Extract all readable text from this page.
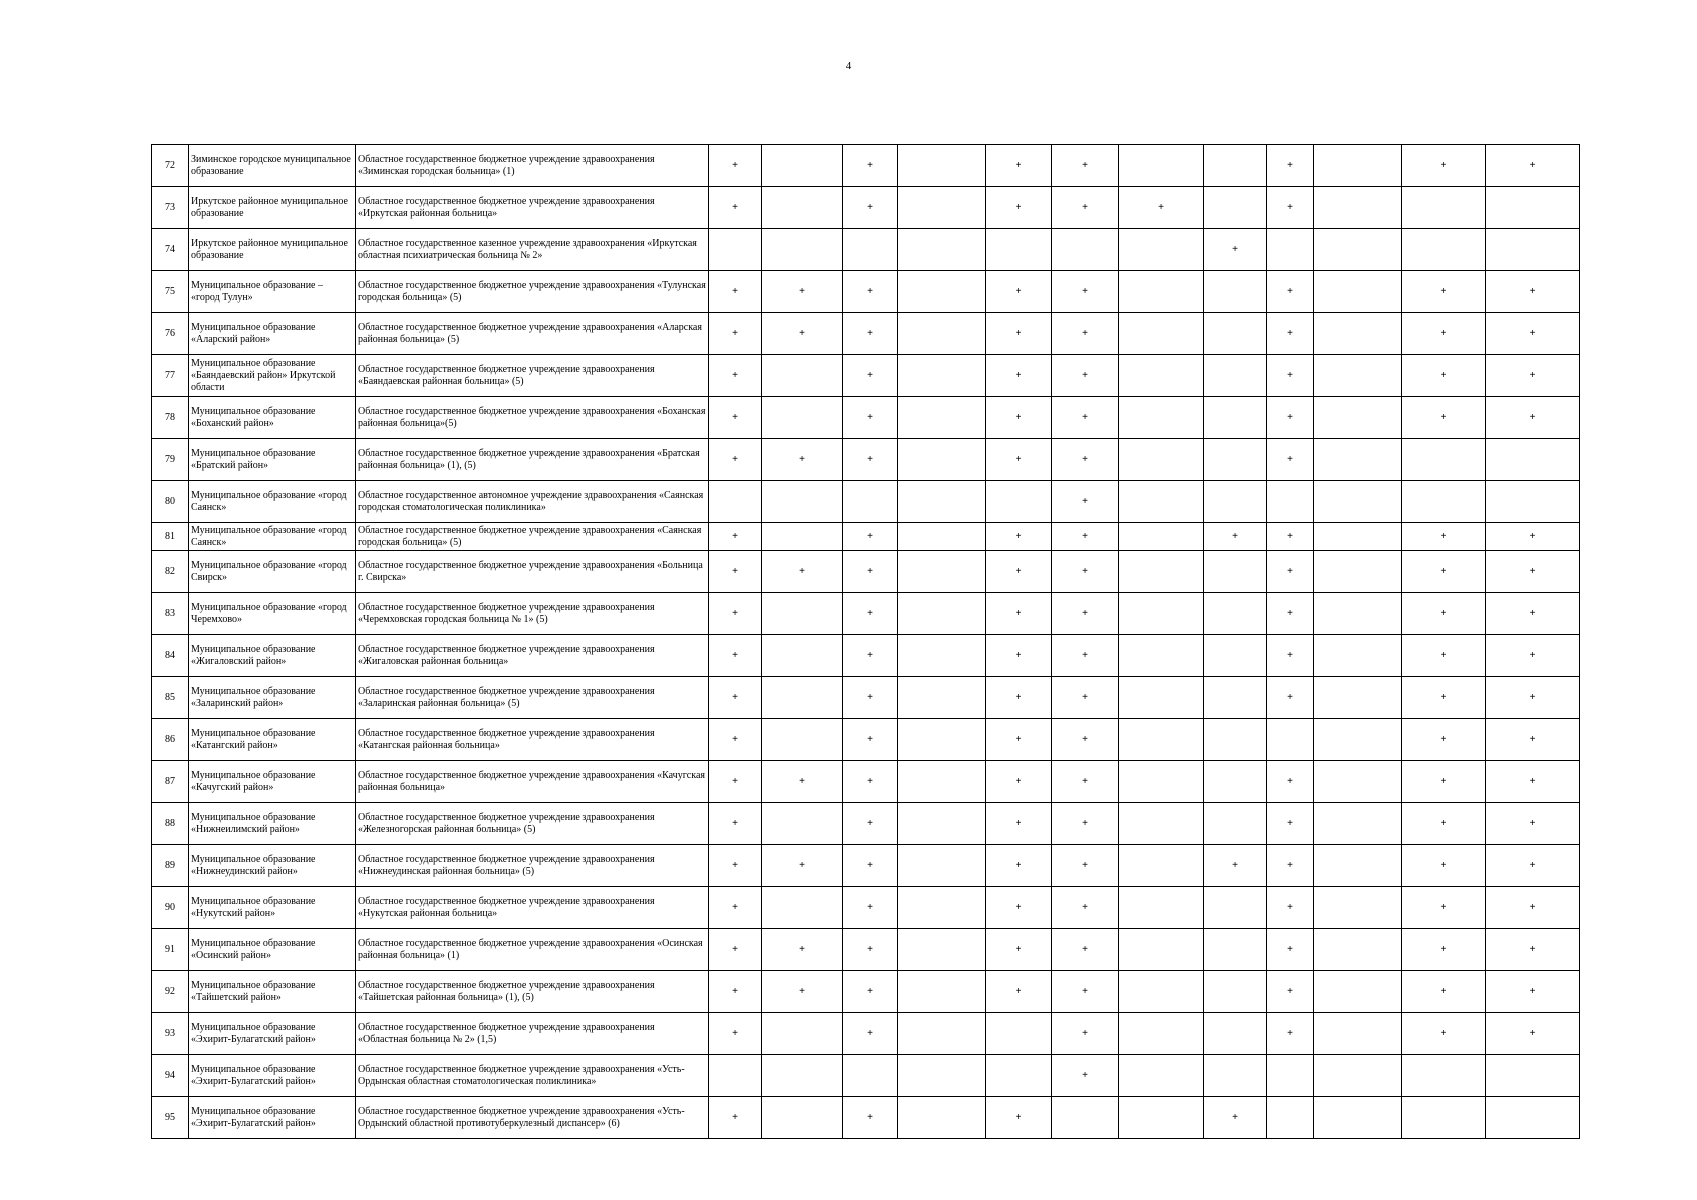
4
72	Зиминское городское муниципальное образование	Областное государственное бюджетное учреждение здравоохранения «Зиминская городская больница» (1)	+		+		+	+			+		+	+
73	Иркутское районное муниципальное образование	Областное государственное бюджетное учреждение здравоохранения «Иркутская районная больница»	+		+		+	+	+		+			
74	Иркутское районное муниципальное образование	Областное государственное казенное учреждение здравоохранения «Иркутская областная психиатрическая больница № 2»								+				
75	Муниципальное образование – «город Тулун»	Областное государственное бюджетное учреждение здравоохранения «Тулунская городская больница» (5)	+	+	+		+	+			+		+	+
76	Муниципальное образование «Аларский район»	Областное государственное бюджетное учреждение здравоохранения «Аларская районная больница» (5)	+	+	+		+	+			+		+	+
77	Муниципальное образование «Баяндаевский район» Иркутской области	Областное государственное бюджетное учреждение здравоохранения «Баяндаевская районная больница» (5)	+		+		+	+			+		+	+
78	Муниципальное образование «Боханский район»	Областное государственное бюджетное учреждение здравоохранения «Боханская районная больница»(5)	+		+		+	+			+		+	+
79	Муниципальное образование «Братский район»	Областное государственное бюджетное учреждение здравоохранения «Братская районная больница» (1), (5)	+	+	+		+	+			+			
80	Муниципальное образование «город Саянск»	Областное государственное автономное учреждение здравоохранения «Саянская городская стоматологическая поликлиника»						+						
81	Муниципальное образование «город Саянск»	Областное государственное бюджетное учреждение здравоохранения «Саянская городская больница» (5)	+		+		+	+		+	+		+	+
82	Муниципальное образование «город Свирск»	Областное государственное бюджетное учреждение здравоохранения «Больница г. Свирска»	+	+	+		+	+			+		+	+
83	Муниципальное образование «город Черемхово»	Областное государственное бюджетное учреждение здравоохранения «Черемховская городская больница № 1» (5)	+		+		+	+			+		+	+
84	Муниципальное образование «Жигаловский район»	Областное государственное бюджетное учреждение здравоохранения «Жигаловская районная больница»	+		+		+	+			+		+	+
85	Муниципальное образование «Заларинский район»	Областное государственное бюджетное учреждение здравоохранения «Заларинская районная больница» (5)	+		+		+	+			+		+	+
86	Муниципальное образование «Катангский район»	Областное государственное бюджетное учреждение здравоохранения «Катангская районная больница»	+		+		+	+					+	+
87	Муниципальное образование «Качугский район»	Областное государственное бюджетное учреждение здравоохранения «Качугская районная больница»	+	+	+		+	+			+		+	+
88	Муниципальное образование «Нижнеилимский район»	Областное государственное бюджетное учреждение здравоохранения «Железногорская районная больница» (5)	+		+		+	+			+		+	+
89	Муниципальное образование «Нижнеудинский район»	Областное государственное бюджетное учреждение здравоохранения «Нижнеудинская районная больница» (5)	+	+	+		+	+		+	+		+	+
90	Муниципальное образование «Нукутский район»	Областное государственное бюджетное учреждение здравоохранения «Нукутская районная больница»	+		+		+	+			+		+	+
91	Муниципальное образование «Осинский район»	Областное государственное бюджетное учреждение здравоохранения «Осинская районная больница» (1)	+	+	+		+	+			+		+	+
92	Муниципальное образование «Тайшетский район»	Областное государственное бюджетное учреждение здравоохранения «Тайшетская районная больница» (1), (5)	+	+	+		+	+			+		+	+
93	Муниципальное образование «Эхирит-Булагатский район»	Областное государственное бюджетное учреждение здравоохранения «Областная больница № 2» (1,5)	+		+			+			+		+	+
94	Муниципальное образование «Эхирит-Булагатский район»	Областное государственное бюджетное учреждение здравоохранения «Усть-Ордынская областная стоматологическая поликлиника»						+						
95	Муниципальное образование «Эхирит-Булагатский район»	Областное государственное бюджетное учреждение здравоохранения «Усть-Ордынский областной противотуберкулезный диспансер» (6)	+		+		+			+				
